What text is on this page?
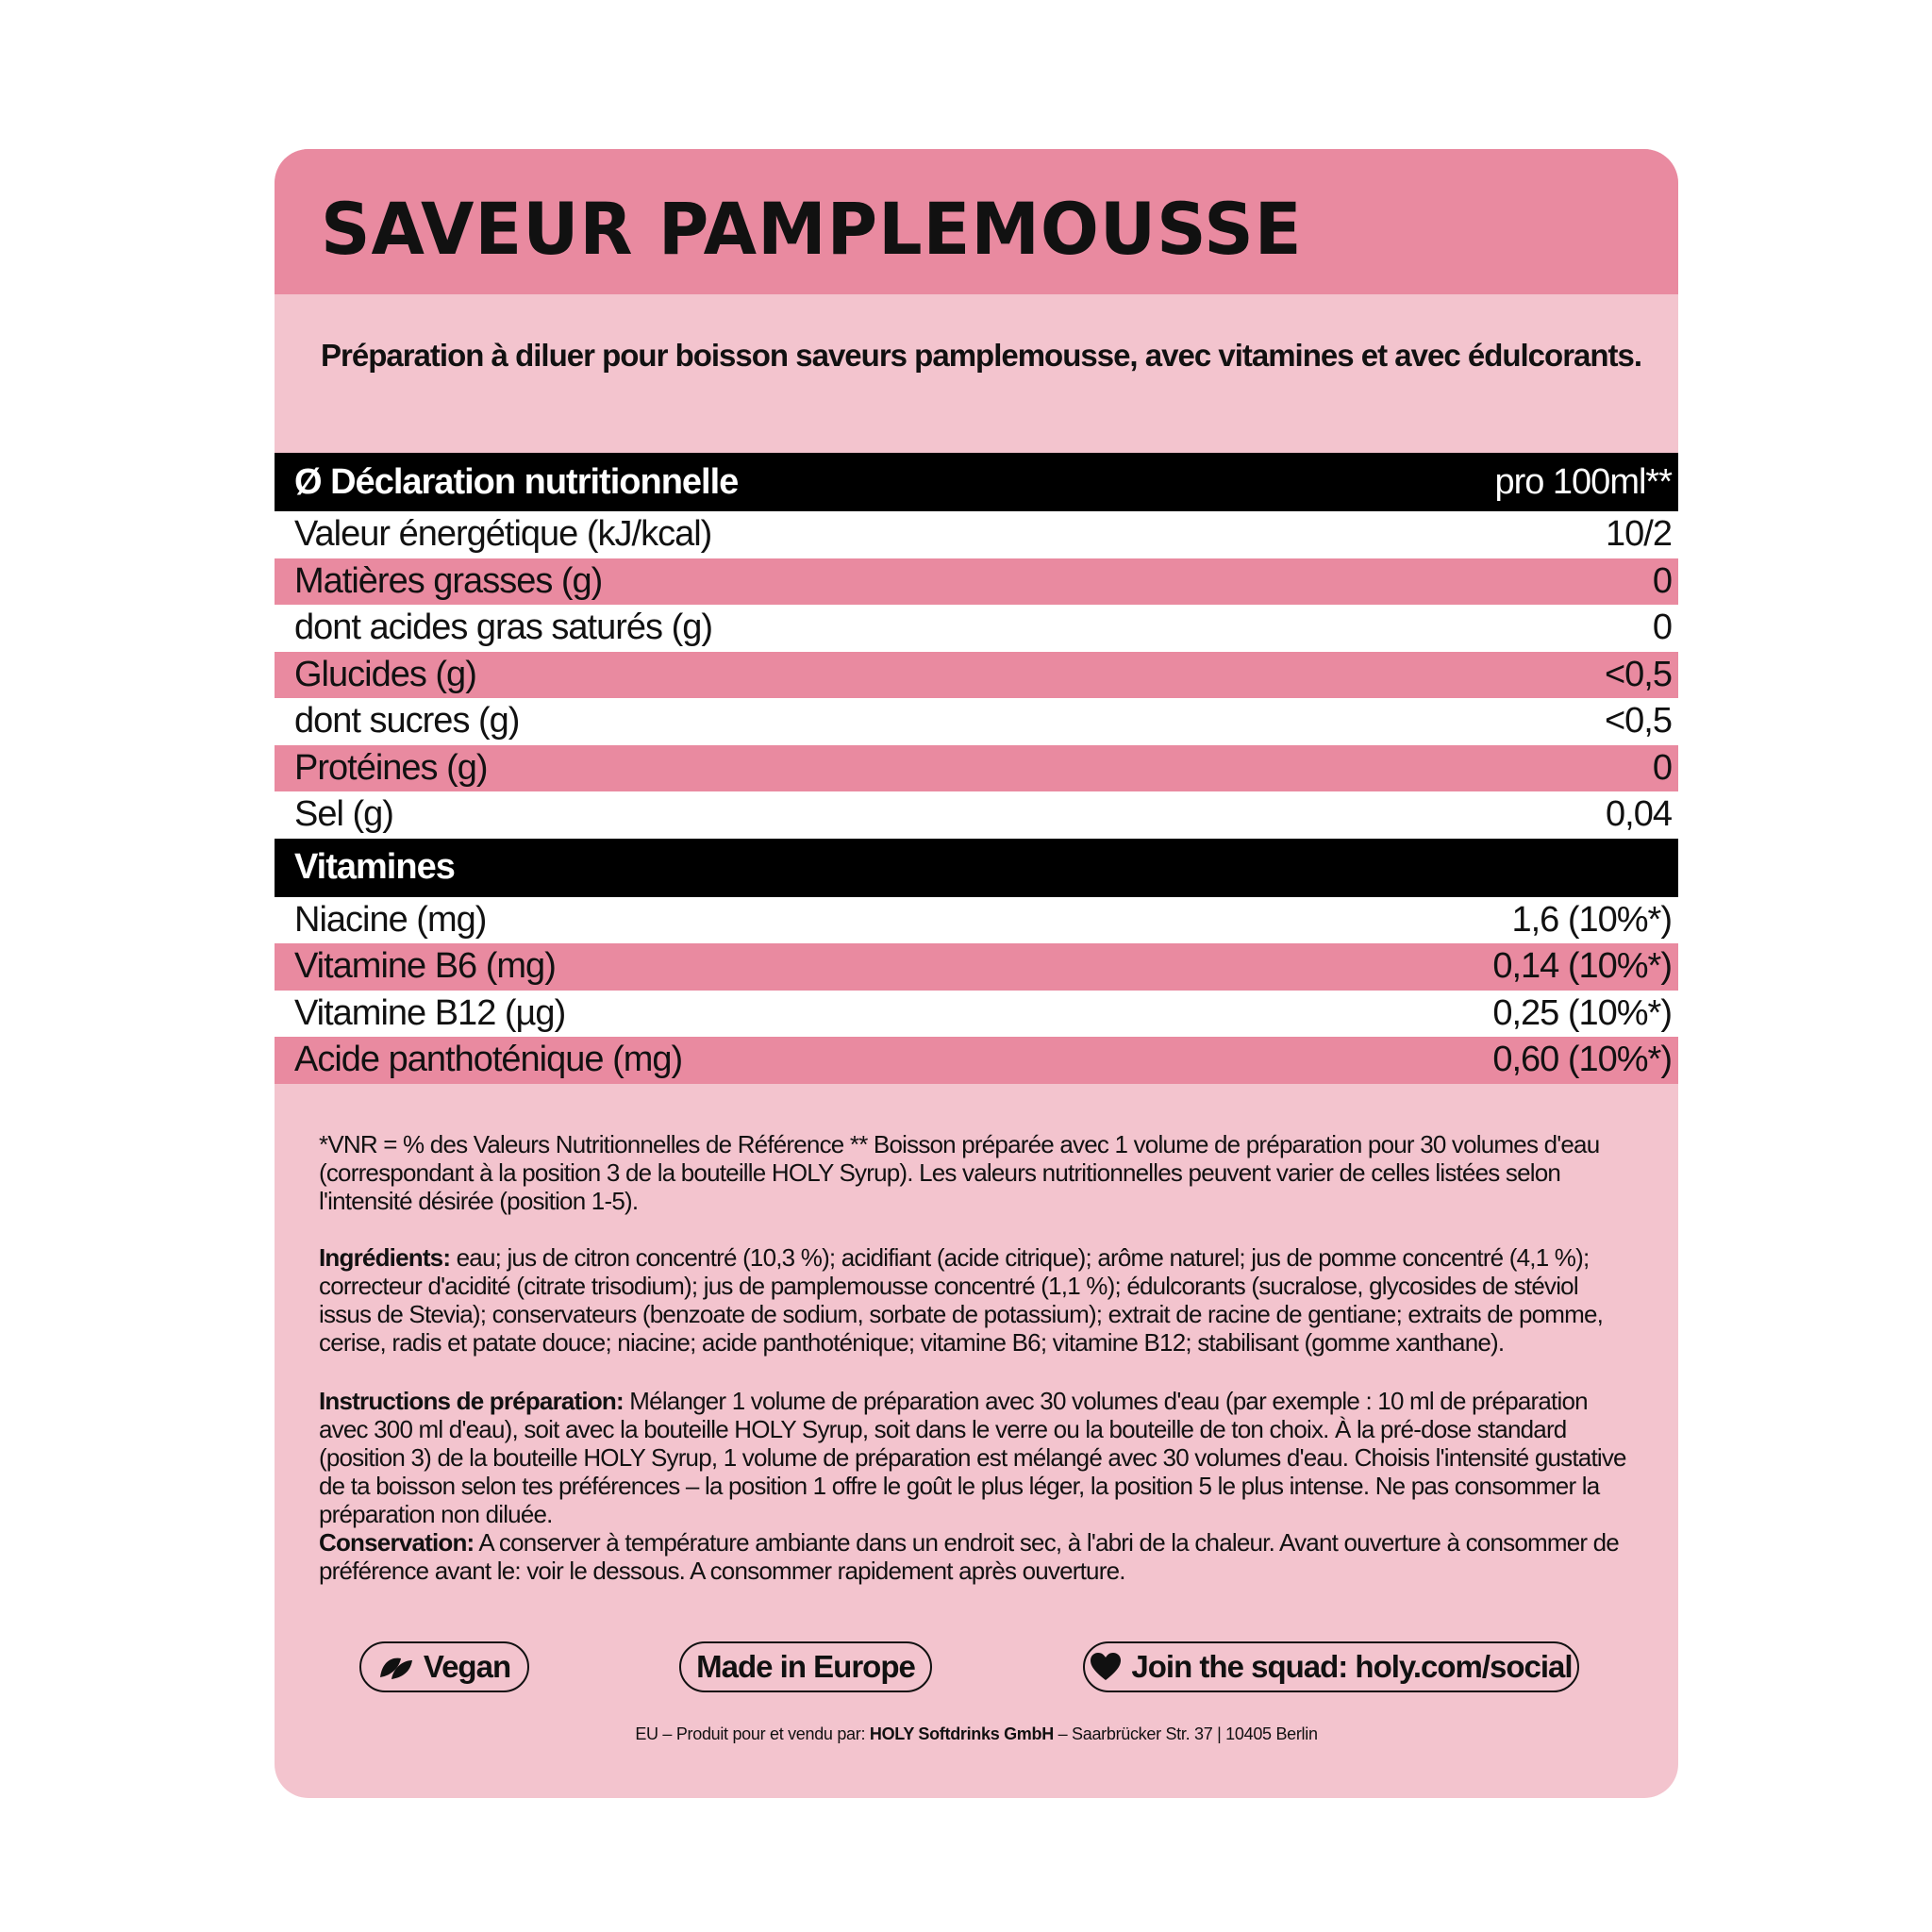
SAVEUR PAMPLEMOUSSE
Préparation à diluer pour boisson saveurs pamplemousse, avec vitamines et avec édulcorants.
Ø Déclaration nutritionnelle	pro 100ml**
Valeur énergétique (kJ/kcal)	10/2
Matières grasses (g)	0
dont acides gras saturés (g)	0
Glucides (g)	<0,5
dont sucres (g)	<0,5
Protéines (g)	0
Sel (g)	0,04
Vitamines
Niacine (mg)	1,6 (10%*)
Vitamine B6 (mg)	0,14 (10%*)
Vitamine B12 (µg)	0,25 (10%*)
Acide panthoténique (mg)	0,60 (10%*)
*VNR = % des Valeurs Nutritionnelles de Référence ** Boisson préparée avec 1 volume de préparation pour 30 volumes d'eau (correspondant à la position 3 de la bouteille HOLY Syrup). Les valeurs nutritionnelles peuvent varier de celles listées selon l'intensité désirée (position 1-5).
Ingrédients: eau; jus de citron concentré (10,3 %); acidifiant (acide citrique); arôme naturel; jus de pomme concentré (4,1 %); correcteur d'acidité (citrate trisodium); jus de pamplemousse concentré (1,1 %); édulcorants (sucralose, glycosides de stéviol issus de Stevia); conservateurs (benzoate de sodium, sorbate de potassium); extrait de racine de gentiane; extraits de pomme, cerise, radis et patate douce; niacine; acide panthoténique; vitamine B6; vitamine B12; stabilisant (gomme xanthane).
Instructions de préparation: Mélanger 1 volume de préparation avec 30 volumes d'eau (par exemple : 10 ml de préparation avec 300 ml d'eau), soit avec la bouteille HOLY Syrup, soit dans le verre ou la bouteille de ton choix. À la pré-dose standard (position 3) de la bouteille HOLY Syrup, 1 volume de préparation est mélangé avec 30 volumes d'eau. Choisis l'intensité gustative de ta boisson selon tes préférences – la position 1 offre le goût le plus léger, la position 5 le plus intense. Ne pas consommer la préparation non diluée.
Conservation: A conserver à température ambiante dans un endroit sec, à l'abri de la chaleur. Avant ouverture à consommer de préférence avant le: voir le dessous. A consommer rapidement après ouverture.
Vegan	Made in Europe	Join the squad: holy.com/social
EU – Produit pour et vendu par: HOLY Softdrinks GmbH – Saarbrücker Str. 37 | 10405 Berlin
